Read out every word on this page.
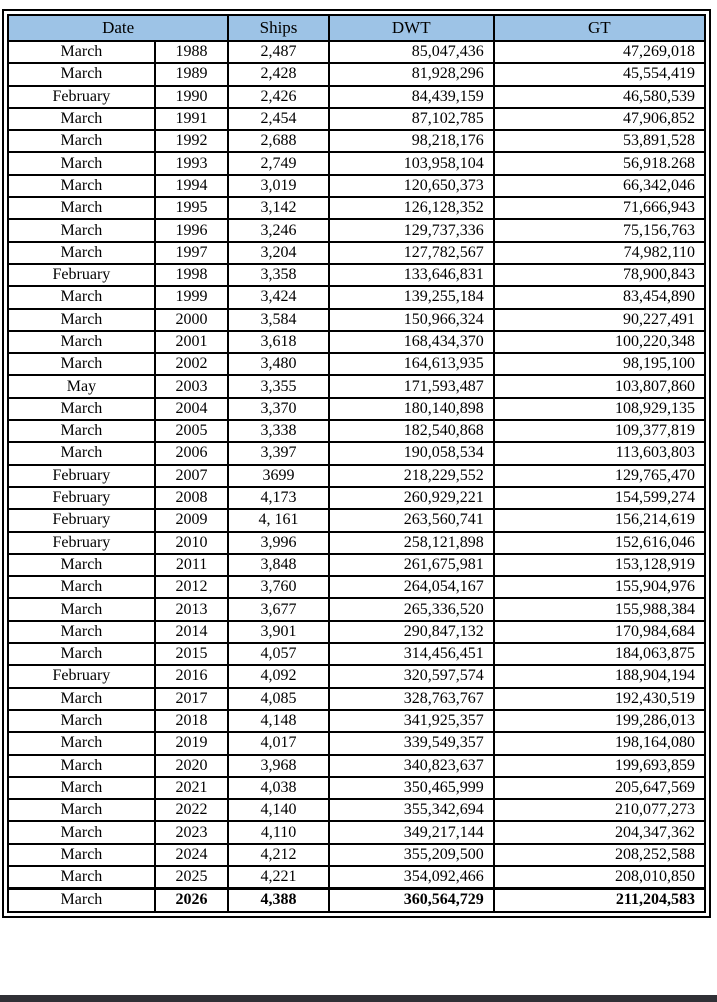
Date		Ships	DWT	GT
March	1988	2,487	85,047,436	47,269,018
March	1989	2,428	81,928,296	45,554,419
February	1990	2,426	84,439,159	46,580,539
March	1991	2,454	87,102,785	47,906,852
March	1992	2,688	98,218,176	53,891,528
March	1993	2,749	103,958,104	56,918.268
March	1994	3,019	120,650,373	66,342,046
March	1995	3,142	126,128,352	71,666,943
March	1996	3,246	129,737,336	75,156,763
March	1997	3,204	127,782,567	74,982,110
February	1998	3,358	133,646,831	78,900,843
March	1999	3,424	139,255,184	83,454,890
March	2000	3,584	150,966,324	90,227,491
March	2001	3,618	168,434,370	100,220,348
March	2002	3,480	164,613,935	98,195,100
May	2003	3,355	171,593,487	103,807,860
March	2004	3,370	180,140,898	108,929,135
March	2005	3,338	182,540,868	109,377,819
March	2006	3,397	190,058,534	113,603,803
February	2007	3699	218,229,552	129,765,470
February	2008	4,173	260,929,221	154,599,274
February	2009	4, 161	263,560,741	156,214,619
February	2010	3,996	258,121,898	152,616,046
March	2011	3,848	261,675,981	153,128,919
March	2012	3,760	264,054,167	155,904,976
March	2013	3,677	265,336,520	155,988,384
March	2014	3,901	290,847,132	170,984,684
March	2015	4,057	314,456,451	184,063,875
February	2016	4,092	320,597,574	188,904,194
March	2017	4,085	328,763,767	192,430,519
March	2018	4,148	341,925,357	199,286,013
March	2019	4,017	339,549,357	198,164,080
March	2020	3,968	340,823,637	199,693,859
March	2021	4,038	350,465,999	205,647,569
March	2022	4,140	355,342,694	210,077,273
March	2023	4,110	349,217,144	204,347,362
March	2024	4,212	355,209,500	208,252,588
March	2025	4,221	354,092,466	208,010,850
March	2026	4,388	360,564,729	211,204,583
